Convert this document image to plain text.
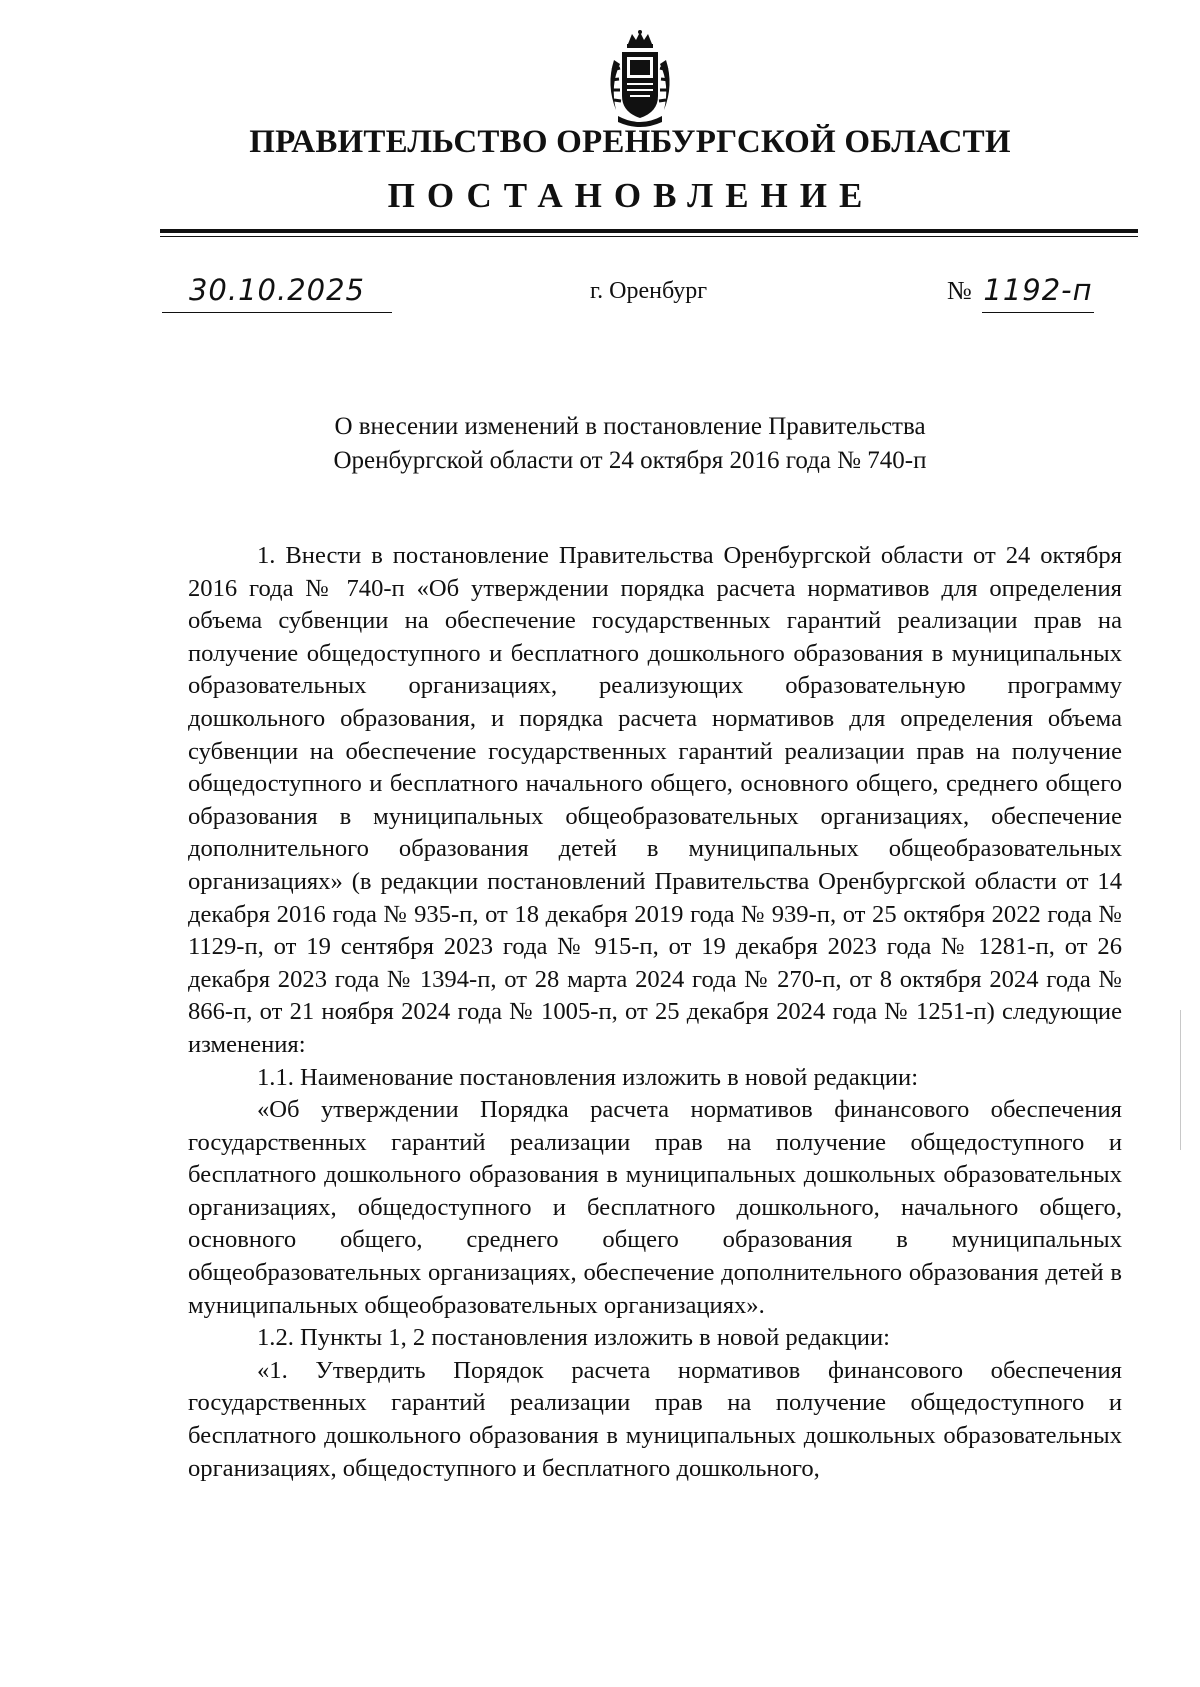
ПРАВИТЕЛЬСТВО ОРЕНБУРГСКОЙ ОБЛАСТИ
ПОСТАНОВЛЕНИЕ
30.10.2025	г. Оренбург	№ 1192-п
О внесении изменений в постановление Правительства
Оренбургской области от 24 октября 2016 года № 740-п

1. Внести в постановление Правительства Оренбургской области от 24 октября 2016 года № 740-п «Об утверждении порядка расчета нормативов для определения объема субвенции на обеспечение государственных гарантий реализации прав на получение общедоступного и бесплатного дошкольного образования в муниципальных образовательных организациях, реализующих образовательную программу дошкольного образования, и порядка расчета нормативов для определения объема субвенции на обеспечение государственных гарантий реализации прав на получение общедоступного и бесплатного начального общего, основного общего, среднего общего образования в муниципальных общеобразовательных организациях, обеспечение дополнительного образования детей в муниципальных общеобразовательных организациях» (в редакции постановлений Правительства Оренбургской области от 14 декабря 2016 года № 935-п, от 18 декабря 2019 года № 939-п, от 25 октября 2022 года № 1129-п, от 19 сентября 2023 года № 915-п, от 19 декабря 2023 года № 1281-п, от 26 декабря 2023 года № 1394-п, от 28 марта 2024 года № 270-п, от 8 октября 2024 года № 866-п, от 21 ноября 2024 года № 1005-п, от 25 декабря 2024 года № 1251-п) следующие изменения:

1.1. Наименование постановления изложить в новой редакции:

«Об утверждении Порядка расчета нормативов финансового обеспечения государственных гарантий реализации прав на получение общедоступного и бесплатного дошкольного образования в муниципальных дошкольных образовательных организациях, общедоступного и бесплатного дошкольного, начального общего, основного общего, среднего общего образования в муниципальных общеобразовательных организациях, обеспечение дополнительного образования детей в муниципальных общеобразовательных организациях».

1.2. Пункты 1, 2 постановления изложить в новой редакции:

«1. Утвердить Порядок расчета нормативов финансового обеспечения государственных гарантий реализации прав на получение общедоступного и бесплатного дошкольного образования в муниципальных дошкольных образовательных организациях, общедоступного и бесплатного дошкольного,
